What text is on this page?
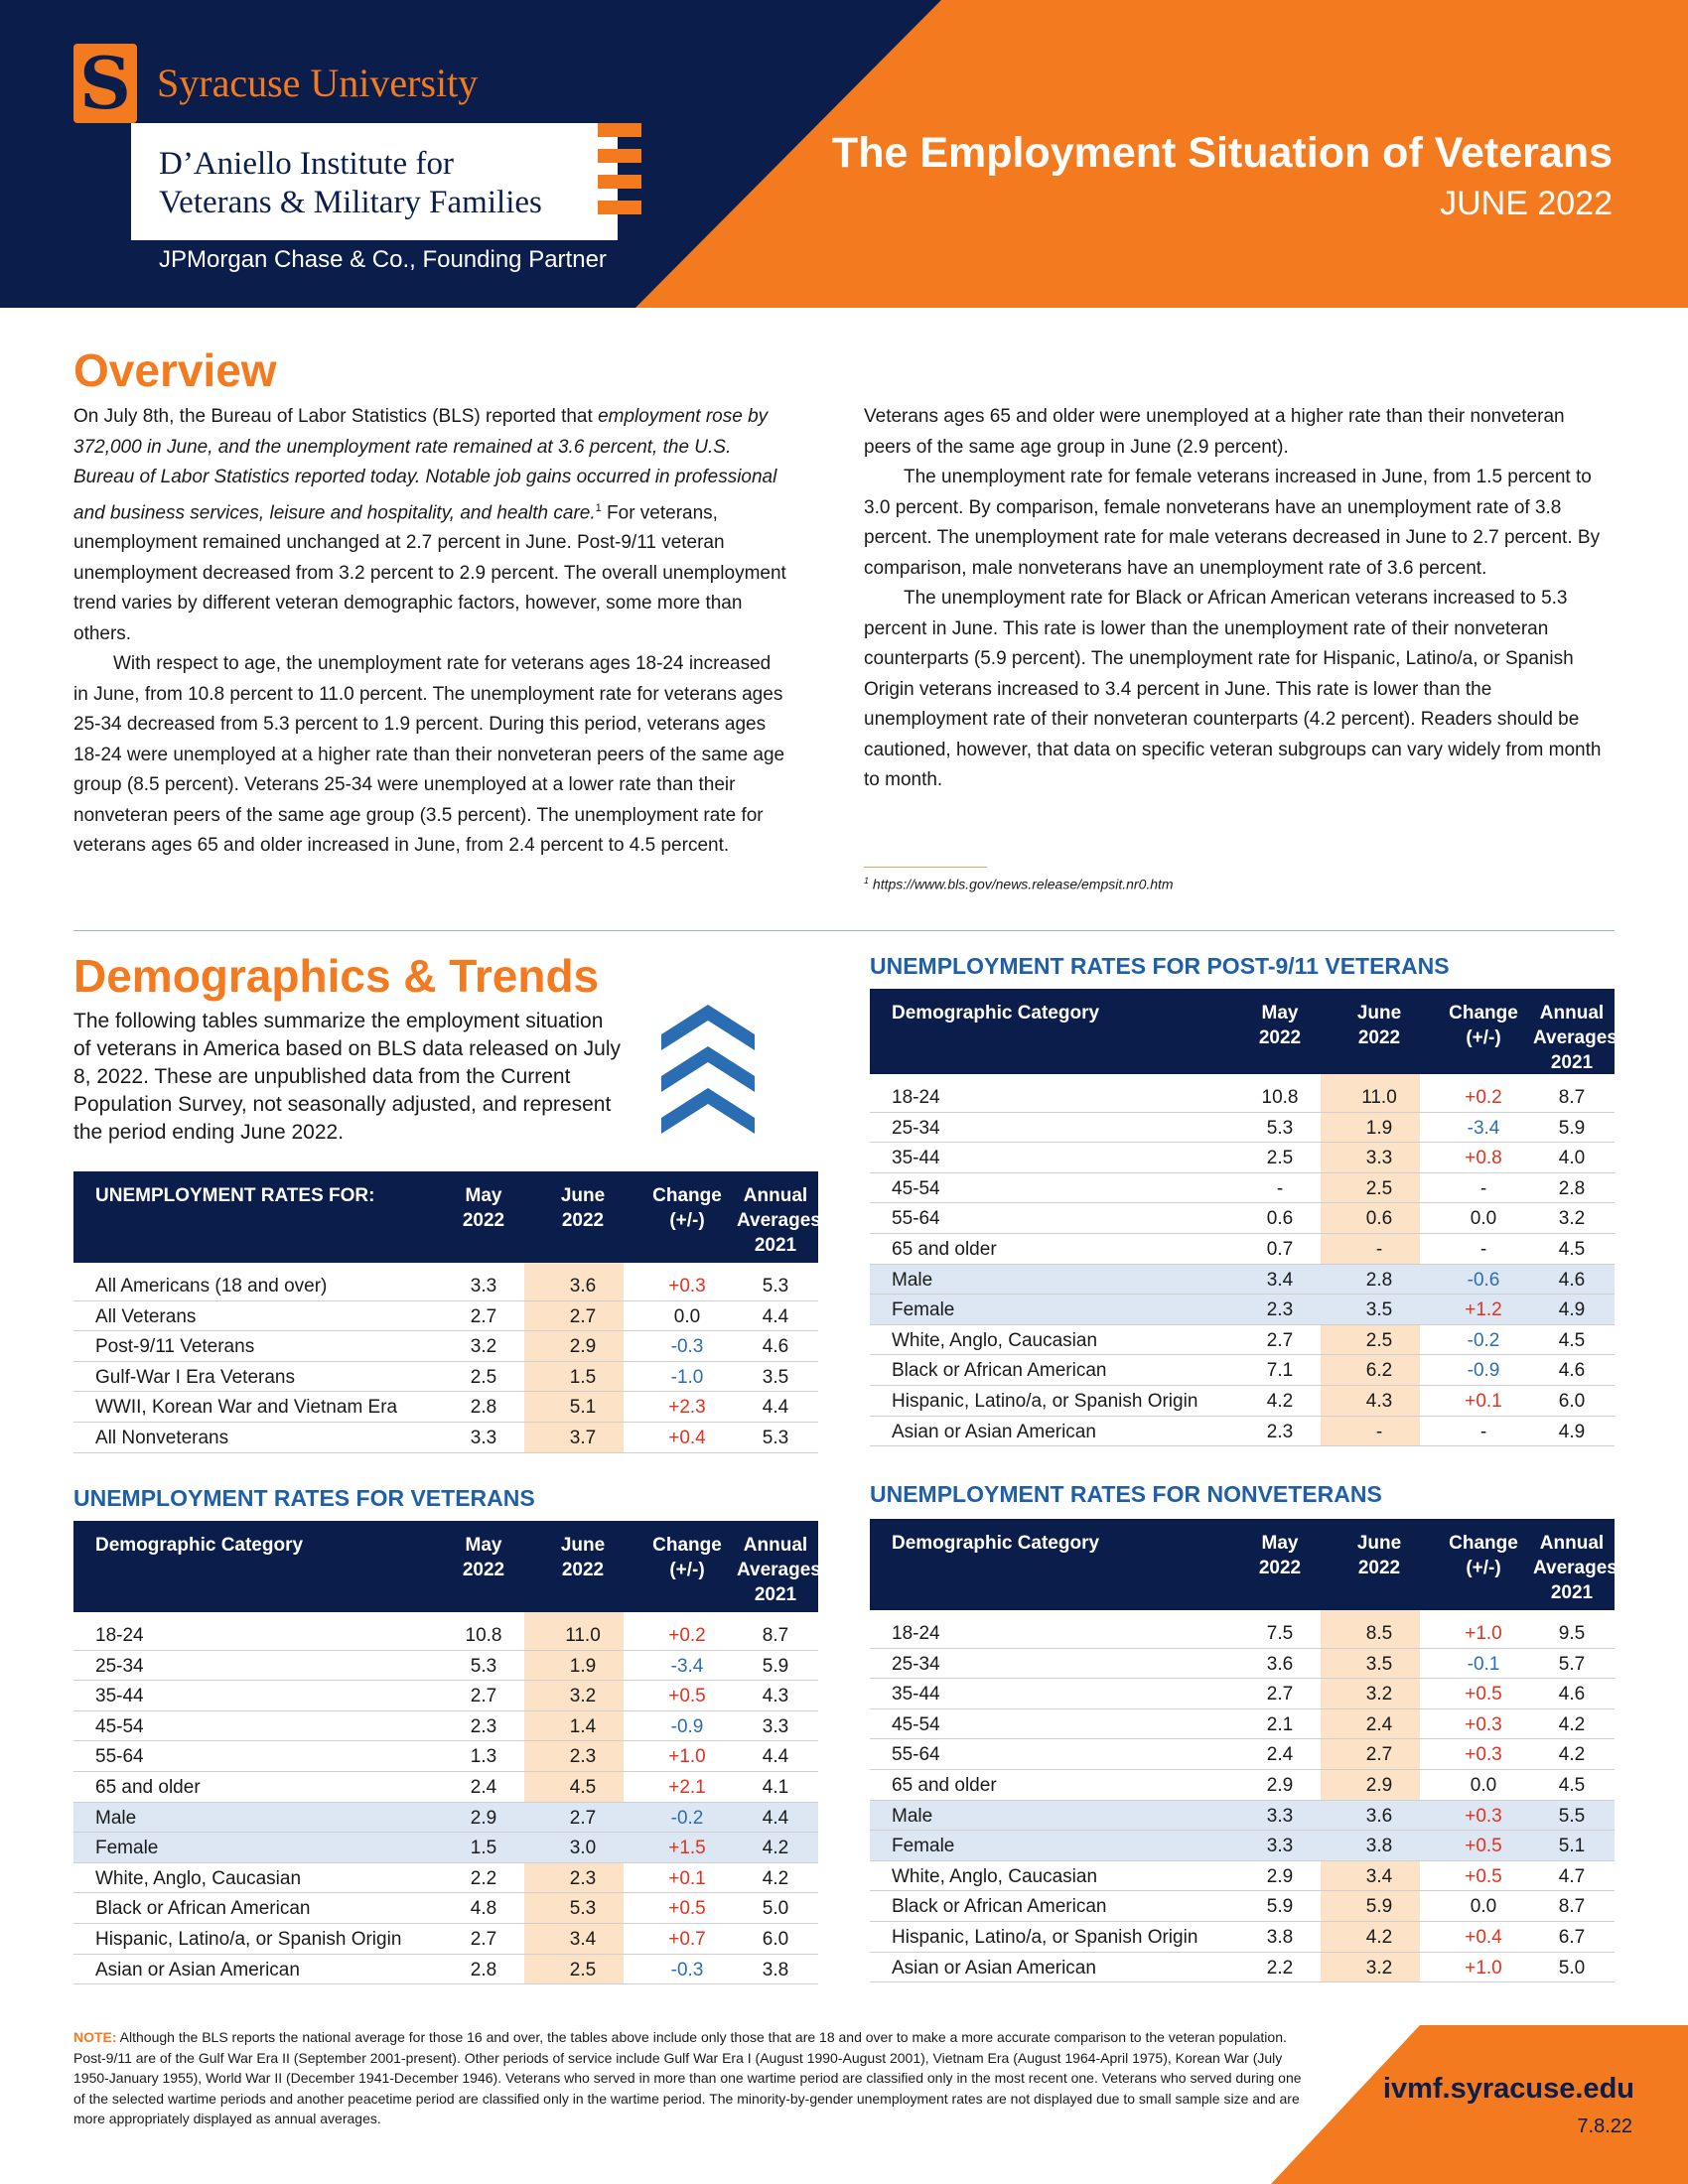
S Syracuse University
D’Aniello Institute for
Veterans & Military Families
JPMorgan Chase & Co., Founding Partner
The Employment Situation of Veterans
JUNE 2022
Overview

On July 8th, the Bureau of Labor Statistics (BLS) reported that employment rose by 372,000 in June, and the unemployment rate remained at 3.6 percent, the U.S. Bureau of Labor Statistics reported today. Notable job gains occurred in professional and business services, leisure and hospitality, and health care.$^1$ For veterans, unemployment remained unchanged at 2.7 percent in June. Post-9/11 veteran unemployment decreased from 3.2 percent to 2.9 percent. The overall unemployment trend varies by different veteran demographic factors, however, some more than others.

With respect to age, the unemployment rate for veterans ages 18-24 increased in June, from 10.8 percent to 11.0 percent. The unemployment rate for veterans ages 25-34 decreased from 5.3 percent to 1.9 percent. During this period, veterans ages 18-24 were unemployed at a higher rate than their nonveteran peers of the same age group (8.5 percent). Veterans 25-34 were unemployed at a lower rate than their nonveteran peers of the same age group (3.5 percent). The unemployment rate for veterans ages 65 and older increased in June, from 2.4 percent to 4.5 percent.

Veterans ages 65 and older were unemployed at a higher rate than their nonveteran peers of the same age group in June (2.9 percent).

The unemployment rate for female veterans increased in June, from 1.5 percent to 3.0 percent. By comparison, female nonveterans have an unemployment rate of 3.8 percent. The unemployment rate for male veterans decreased in June to 2.7 percent. By comparison, male nonveterans have an unemployment rate of 3.6 percent.

The unemployment rate for Black or African American veterans increased to 5.3 percent in June. This rate is lower than the unemployment rate of their nonveteran counterparts (5.9 percent). The unemployment rate for Hispanic, Latino/a, or Spanish Origin veterans increased to 3.4 percent in June. This rate is lower than the unemployment rate of their nonveteran counterparts (4.2 percent). Readers should be cautioned, however, that data on specific veteran subgroups can vary widely from month to month.

$^1$ https://www.bls.gov/news.release/empsit.nr0.htm
Demographics & Trends
The following tables summarize the employment situation of veterans in America based on BLS data released on July 8, 2022. These are unpublished data from the Current Population Survey, not seasonally adjusted, and represent the period ending June 2022.
UNEMPLOYMENT RATES FOR:	May
2022
June
2022
Change
(+/-)
Annual
Averages
2021
All Americans (18 and over)	3.3	3.6	+0.3	5.3
All Veterans	2.7	2.7	0.0	4.4
Post-9/11 Veterans	3.2	2.9	-0.3	4.6
Gulf-War I Era Veterans	2.5	1.5	-1.0	3.5
WWII, Korean War and Vietnam Era	2.8	5.1	+2.3	4.4
All Nonveterans	3.3	3.7	+0.4	5.3
UNEMPLOYMENT RATES FOR VETERANS
Demographic Category	May
2022
June
2022
Change
(+/-)
Annual
Averages
2021
18-24	10.8	11.0	+0.2	8.7
25-34	5.3	1.9	-3.4	5.9
35-44	2.7	3.2	+0.5	4.3
45-54	2.3	1.4	-0.9	3.3
55-64	1.3	2.3	+1.0	4.4
65 and older	2.4	4.5	+2.1	4.1
Male	2.9	2.7	-0.2	4.4
Female	1.5	3.0	+1.5	4.2
White, Anglo, Caucasian	2.2	2.3	+0.1	4.2
Black or African American	4.8	5.3	+0.5	5.0
Hispanic, Latino/a, or Spanish Origin	2.7	3.4	+0.7	6.0
Asian or Asian American	2.8	2.5	-0.3	3.8
UNEMPLOYMENT RATES FOR POST-9/11 VETERANS
Demographic Category	May
2022
June
2022
Change
(+/-)
Annual
Averages
2021
18-24	10.8	11.0	+0.2	8.7
25-34	5.3	1.9	-3.4	5.9
35-44	2.5	3.3	+0.8	4.0
45-54	-	2.5	-	2.8
55-64	0.6	0.6	0.0	3.2
65 and older	0.7	-	-	4.5
Male	3.4	2.8	-0.6	4.6
Female	2.3	3.5	+1.2	4.9
White, Anglo, Caucasian	2.7	2.5	-0.2	4.5
Black or African American	7.1	6.2	-0.9	4.6
Hispanic, Latino/a, or Spanish Origin	4.2	4.3	+0.1	6.0
Asian or Asian American	2.3	-	-	4.9
UNEMPLOYMENT RATES FOR NONVETERANS
Demographic Category	May
2022
June
2022
Change
(+/-)
Annual
Averages
2021
18-24	7.5	8.5	+1.0	9.5
25-34	3.6	3.5	-0.1	5.7
35-44	2.7	3.2	+0.5	4.6
45-54	2.1	2.4	+0.3	4.2
55-64	2.4	2.7	+0.3	4.2
65 and older	2.9	2.9	0.0	4.5
Male	3.3	3.6	+0.3	5.5
Female	3.3	3.8	+0.5	5.1
White, Anglo, Caucasian	2.9	3.4	+0.5	4.7
Black or African American	5.9	5.9	0.0	8.7
Hispanic, Latino/a, or Spanish Origin	3.8	4.2	+0.4	6.7
Asian or Asian American	2.2	3.2	+1.0	5.0
NOTE: Although the BLS reports the national average for those 16 and over, the tables above include only those that are 18 and over to make a more accurate comparison to the veteran population. Post-9/11 are of the Gulf War Era II (September 2001-present). Other periods of service include Gulf War Era I (August 1990-August 2001), Vietnam Era (August 1964-April 1975), Korean War (July 1950-January 1955), World War II (December 1941-December 1946). Veterans who served in more than one wartime period are classified only in the most recent one. Veterans who served during one of the selected wartime periods and another peacetime period are classified only in the wartime period. The minority-by-gender unemployment rates are not displayed due to small sample size and are more appropriately displayed as annual averages.
ivmf.syracuse.edu
7.8.22
